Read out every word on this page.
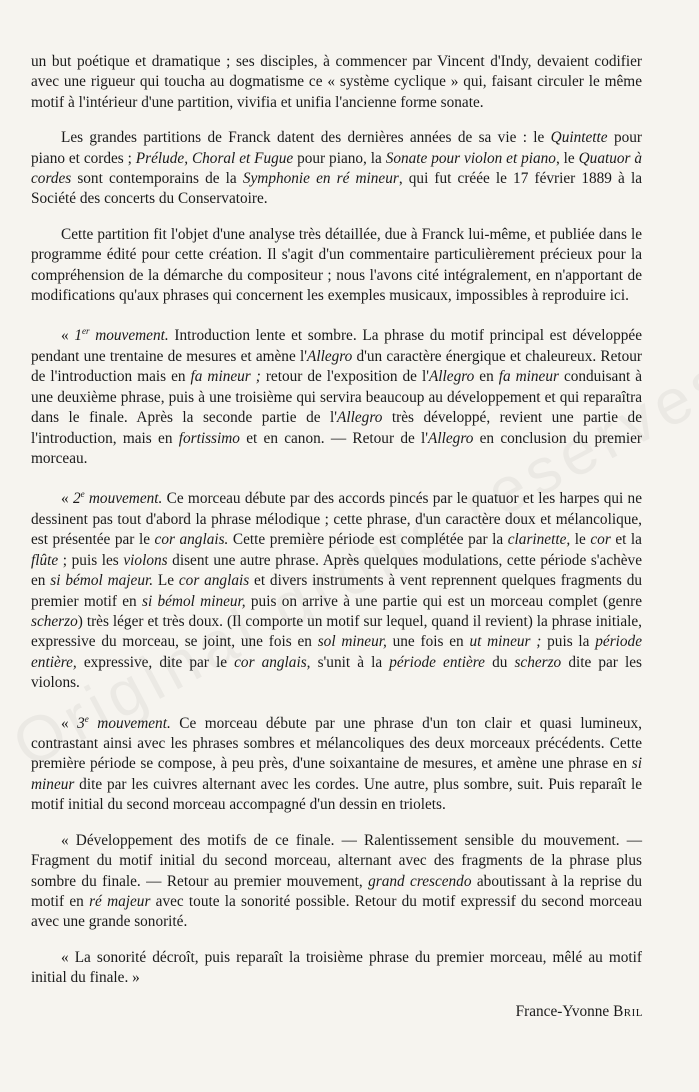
un but poétique et dramatique ; ses disciples, à commencer par Vincent d'Indy, devaient codifier avec une rigueur qui toucha au dogmatisme ce « système cyclique » qui, faisant circuler le même motif à l'intérieur d'une partition, vivifia et unifia l'ancienne forme sonate.

Les grandes partitions de Franck datent des dernières années de sa vie : le Quintette pour piano et cordes ; Prélude, Choral et Fugue pour piano, la Sonate pour violon et piano, le Quatuor à cordes sont contemporains de la Symphonie en ré mineur, qui fut créée le 17 février 1889 à la Société des concerts du Conservatoire.

Cette partition fit l'objet d'une analyse très détaillée, due à Franck lui-même, et publiée dans le programme édité pour cette création. Il s'agit d'un commentaire particulièrement précieux pour la compréhension de la démarche du compositeur ; nous l'avons cité intégralement, en n'apportant de modifications qu'aux phrases qui concernent les exemples musicaux, impossibles à reproduire ici.

« 1er mouvement. Introduction lente et sombre. La phrase du motif principal est développée pendant une trentaine de mesures et amène l'Allegro d'un caractère énergique et chaleureux. Retour de l'introduction mais en fa mineur ; retour de l'exposition de l'Allegro en fa mineur conduisant à une deuxième phrase, puis à une troisième qui servira beaucoup au développement et qui reparaîtra dans le finale. Après la seconde partie de l'Allegro très développé, revient une partie de l'introduction, mais en fortissimo et en canon. — Retour de l'Allegro en conclusion du premier morceau.

« 2e mouvement. Ce morceau débute par des accords pincés par le quatuor et les harpes qui ne dessinent pas tout d'abord la phrase mélodique ; cette phrase, d'un caractère doux et mélancolique, est présentée par le cor anglais. Cette première période est complétée par la clarinette, le cor et la flûte ; puis les violons disent une autre phrase. Après quelques modulations, cette période s'achève en si bémol majeur. Le cor anglais et divers instruments à vent reprennent quelques fragments du premier motif en si bémol mineur, puis on arrive à une partie qui est un morceau complet (genre scherzo) très léger et très doux. (Il comporte un motif sur lequel, quand il revient) la phrase initiale, expressive du morceau, se joint, une fois en sol mineur, une fois en ut mineur ; puis la période entière, expressive, dite par le cor anglais, s'unit à la période entière du scherzo dite par les violons.

« 3e mouvement. Ce morceau débute par une phrase d'un ton clair et quasi lumineux, contrastant ainsi avec les phrases sombres et mélancoliques des deux morceaux précédents. Cette première période se compose, à peu près, d'une soixantaine de mesures, et amène une phrase en si mineur dite par les cuivres alternant avec les cordes. Une autre, plus sombre, suit. Puis reparaît le motif initial du second morceau accompagné d'un dessin en triolets.

« Développement des motifs de ce finale. — Ralentissement sensible du mouvement. — Fragment du motif initial du second morceau, alternant avec des fragments de la phrase plus sombre du finale. — Retour au premier mouvement, grand crescendo aboutissant à la reprise du motif en ré majeur avec toute la sonorité possible. Retour du motif expressif du second morceau avec une grande sonorité.

« La sonorité décroît, puis reparaît la troisième phrase du premier morceau, mêlé au motif initial du finale. »

France-Yvonne Bril
